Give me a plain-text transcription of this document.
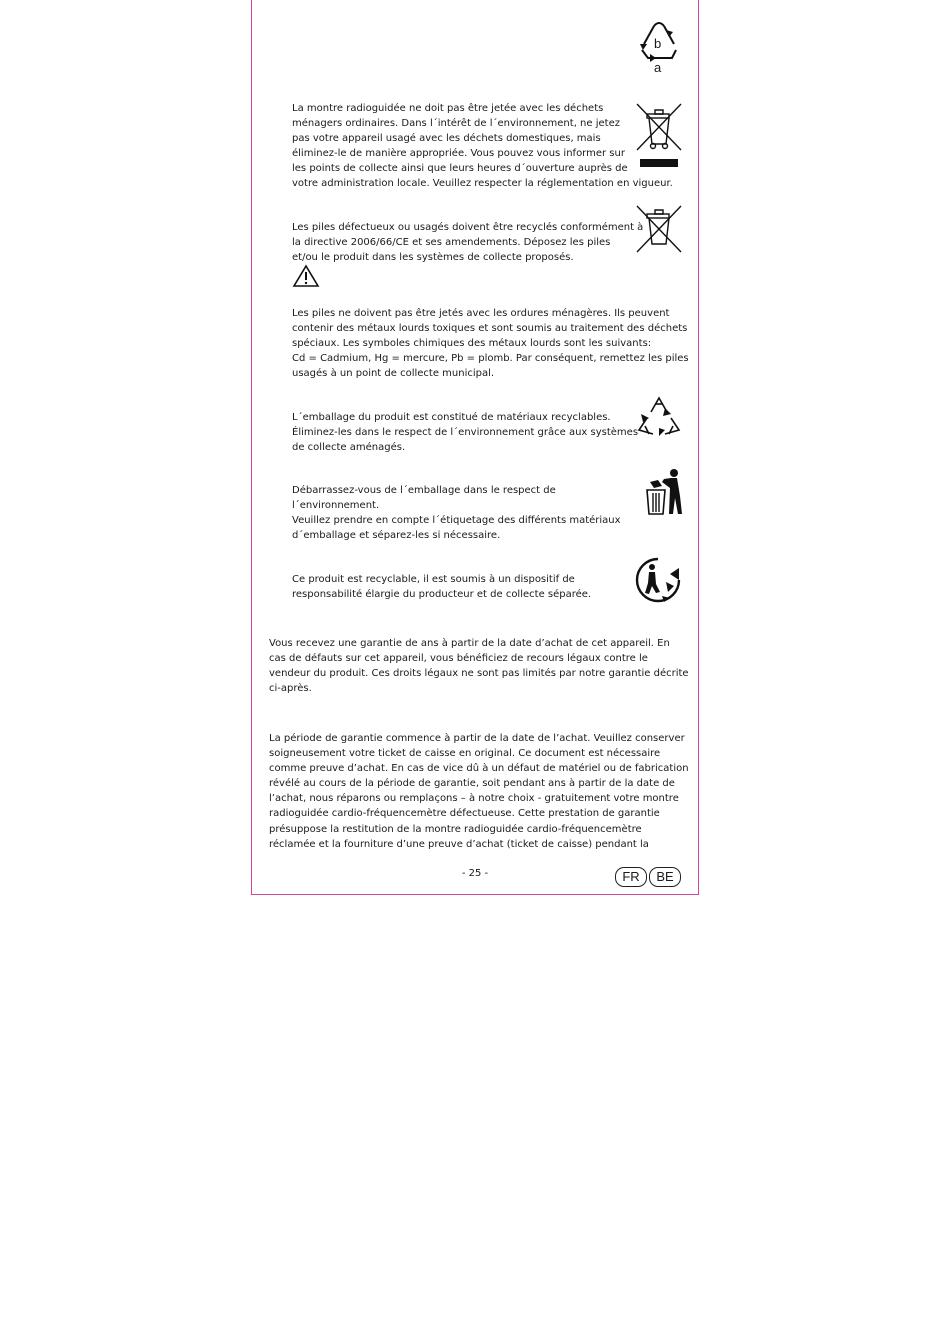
b
a
La montre radioguidée ne doit pas être jetée avec les déchets
ménagers ordinaires. Dans l´intérêt de l´environnement, ne jetez
pas votre appareil usagé avec les déchets domestiques, mais
éliminez-le de manière appropriée. Vous pouvez vous informer sur
les points de collecte ainsi que leurs heures d´ouverture auprès de
votre administration locale. Veuillez respecter la réglementation en vigueur.
Les piles défectueux ou usagés doivent être recyclés conformément à
la directive 2006/66/CE et ses amendements. Déposez les piles
et/ou le produit dans les systèmes de collecte proposés.
Les piles ne doivent pas être jetés avec les ordures ménagères. Ils peuvent
contenir des métaux lourds toxiques et sont soumis au traitement des déchets
spéciaux. Les symboles chimiques des métaux lourds sont les suivants:
Cd = Cadmium, Hg = mercure, Pb = plomb. Par conséquent, remettez les piles
usagés à un point de collecte municipal.
L´emballage du produit est constitué de matériaux recyclables.
Éliminez-les dans le respect de l´environnement grâce aux systèmes
de collecte aménagés.
Débarrassez-vous de l´emballage dans le respect de
l´environnement.
Veuillez prendre en compte l´étiquetage des différents matériaux
d´emballage et séparez-les si nécessaire.
Ce produit est recyclable, il est soumis à un dispositif de
responsabilité élargie du producteur et de collecte séparée.
Vous recevez une garantie de ans à partir de la date d’achat de cet appareil. En
cas de défauts sur cet appareil, vous bénéficiez de recours légaux contre le
vendeur du produit. Ces droits légaux ne sont pas limités par notre garantie décrite
ci-après.
La période de garantie commence à partir de la date de l’achat. Veuillez conserver
soigneusement votre ticket de caisse en original. Ce document est nécessaire
comme preuve d’achat. En cas de vice dû à un défaut de matériel ou de fabrication
révélé au cours de la période de garantie, soit pendant ans à partir de la date de
l’achat, nous réparons ou remplaçons – à notre choix - gratuitement votre montre
radioguidée cardio-fréquencemètre défectueuse. Cette prestation de garantie
présuppose la restitution de la montre radioguidée cardio-fréquencemètre
réclamée et la fourniture d’une preuve d’achat (ticket de caisse) pendant la
- 25 -	FR	BE
